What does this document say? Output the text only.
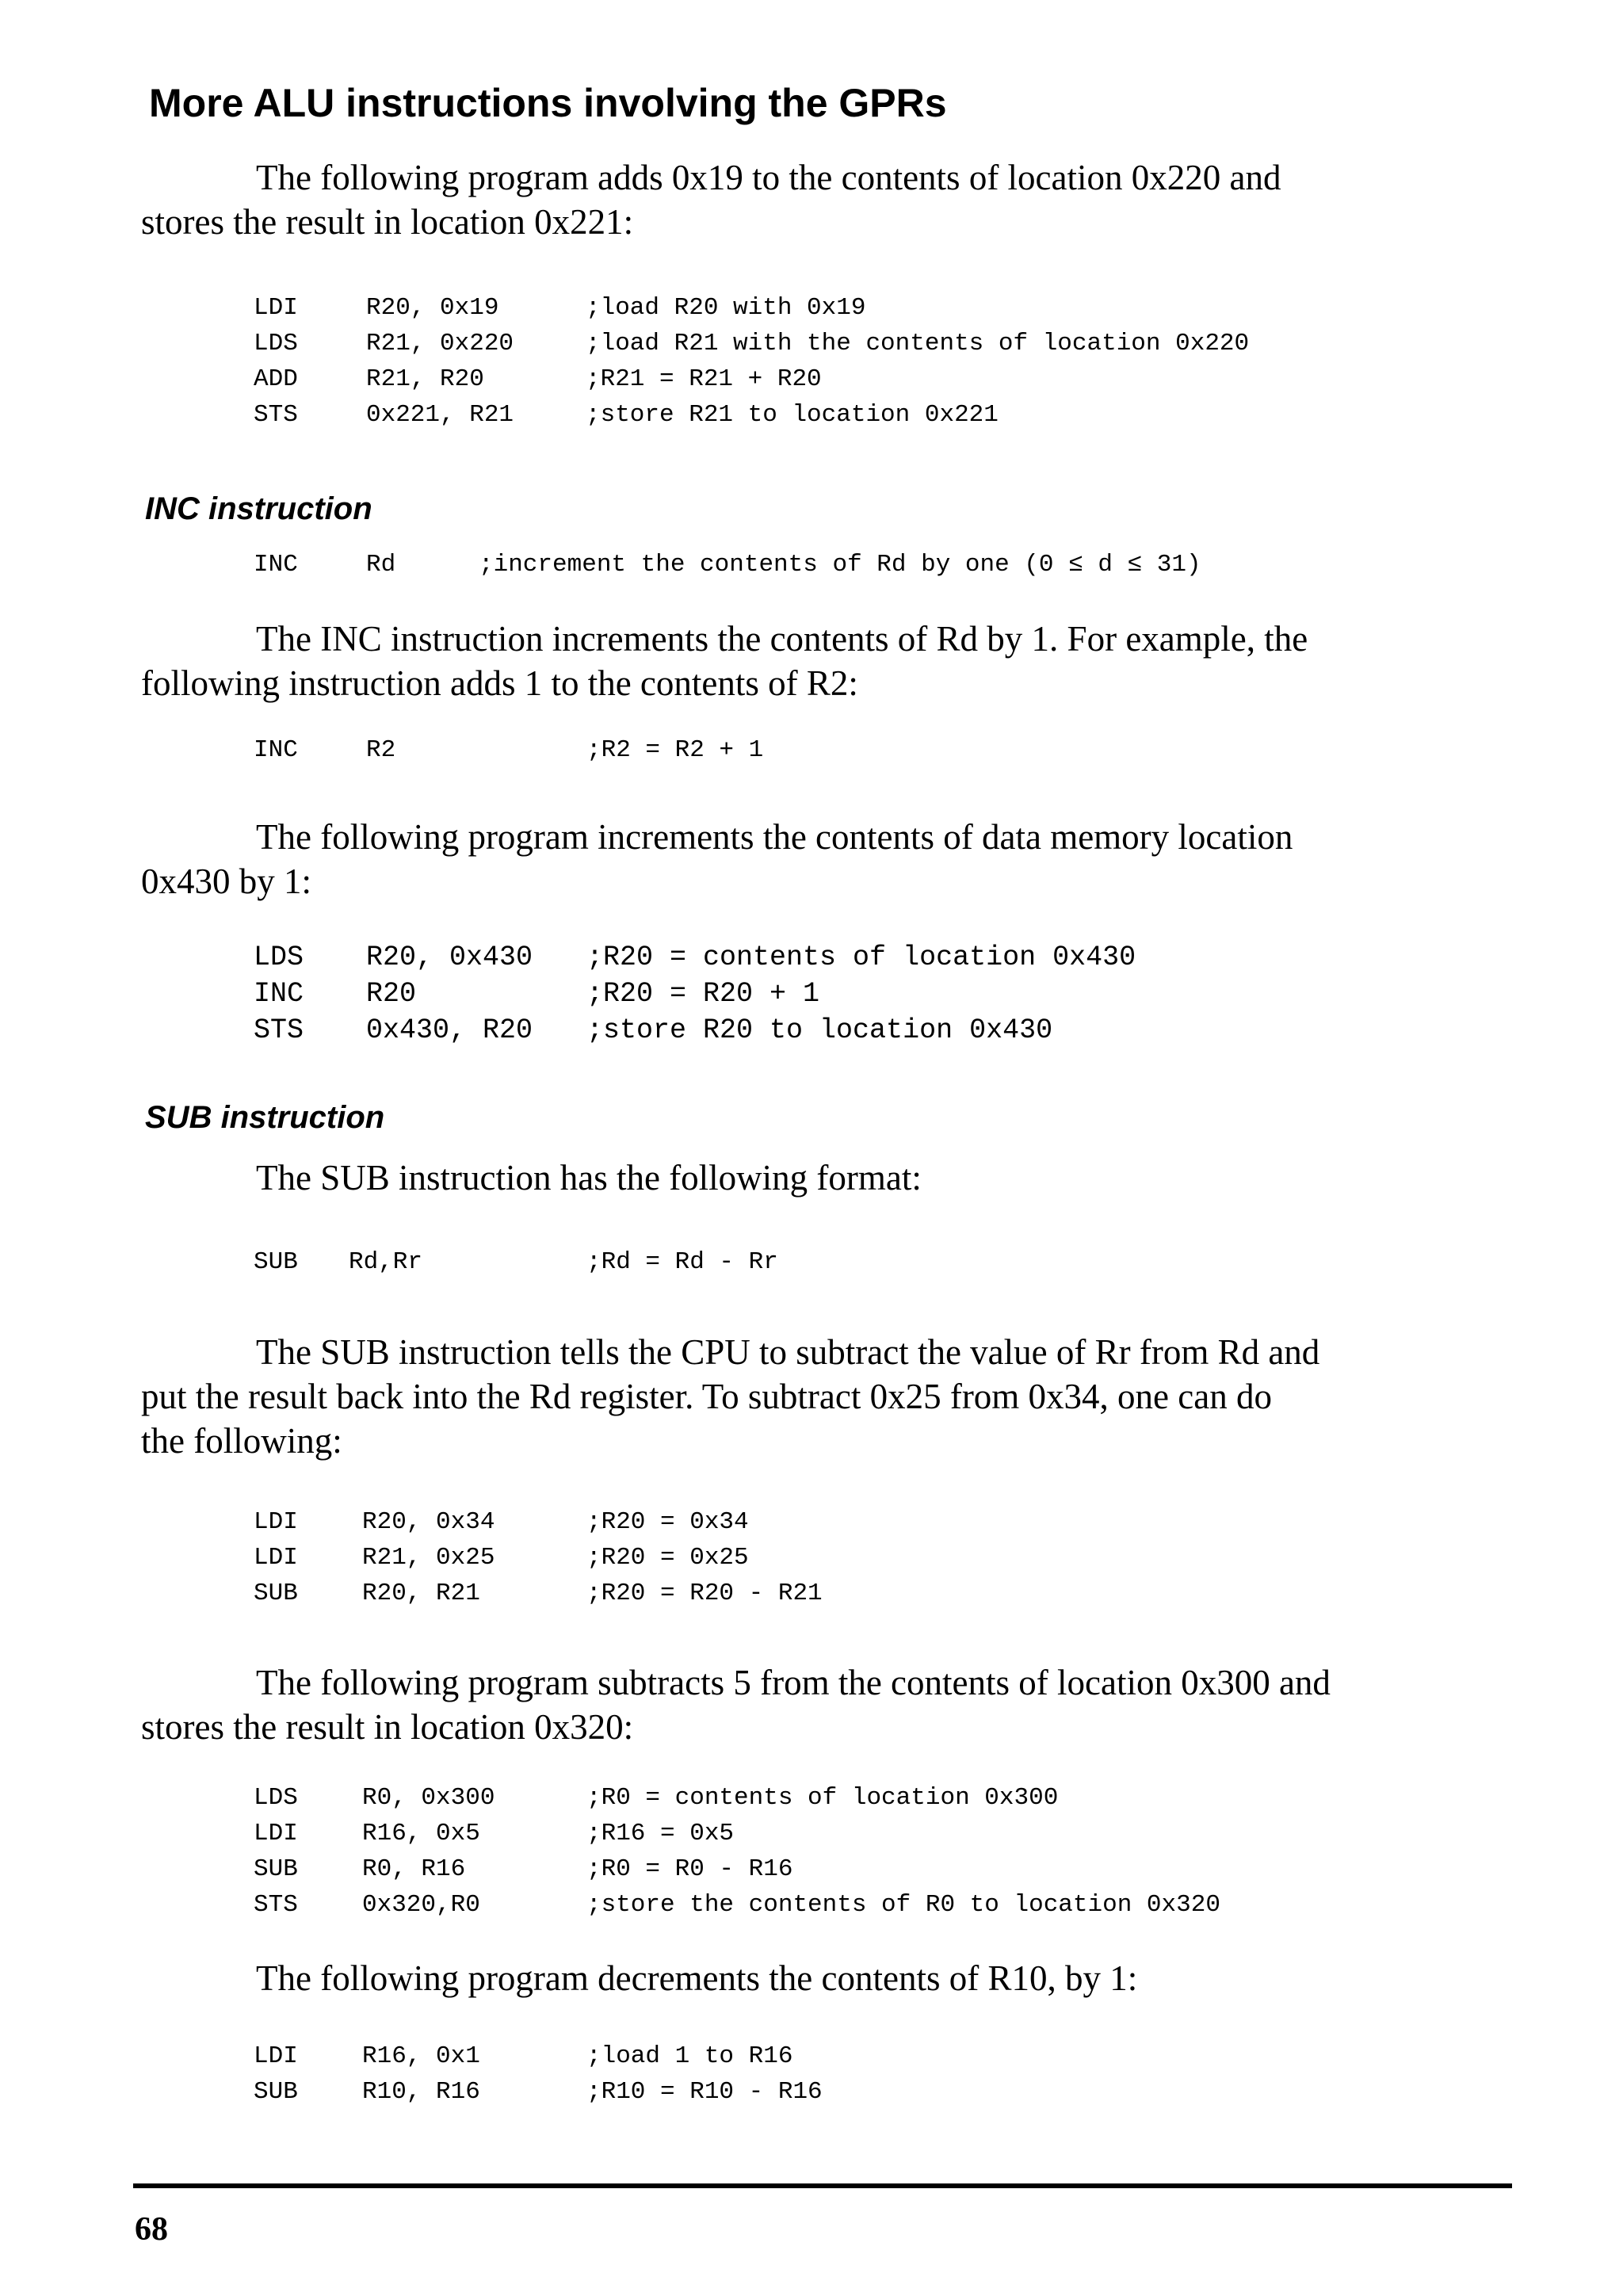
More ALU instructions involving the GPRs
The following program adds 0x19 to the contents of location 0x220 and
stores the result in location 0x221:
LDI	R20, 0x19	;load R20 with 0x19
LDS	R21, 0x220	;load R21 with the contents of location 0x220
ADD	R21, R20	;R21 = R21 + R20
STS	0x221, R21	;store R21 to location 0x221
INC instruction
INC	Rd	;increment the contents of Rd by one (0 ≤ d ≤ 31)
The INC instruction increments the contents of Rd by 1. For example, the
following instruction adds 1 to the contents of R2:
INC	R2	;R2 = R2 + 1
The following program increments the contents of data memory location
0x430 by 1:
LDS R20, 0x430 ;R20 = contents of location 0x430
INC R20	;R20 = R20 + 1
STS 0x430, R20 ;store R20 to location 0x430
SUB instruction
The SUB instruction has the following format:
SUB Rd,Rr	;Rd = Rd - Rr
The SUB instruction tells the CPU to subtract the value of Rr from Rd and
put the result back into the Rd register. To subtract 0x25 from 0x34, one can do
the following:
LDI	R20, 0x34	;R20 = 0x34
LDI	R21, 0x25	;R20 = 0x25
SUB	R20, R21	;R20 = R20 - R21
The following program subtracts 5 from the contents of location 0x300 and
stores the result in location 0x320:
LDS	R0, 0x300	;R0 = contents of location 0x300
LDI	R16, 0x5	;R16 = 0x5
SUB	R0, R16	;R0 = R0 - R16
STS	0x320,R0	;store the contents of R0 to location 0x320
The following program decrements the contents of R10, by 1:
LDI	R16, 0x1	;load 1 to R16
SUB	R10, R16	;R10 = R10 - R16
68
